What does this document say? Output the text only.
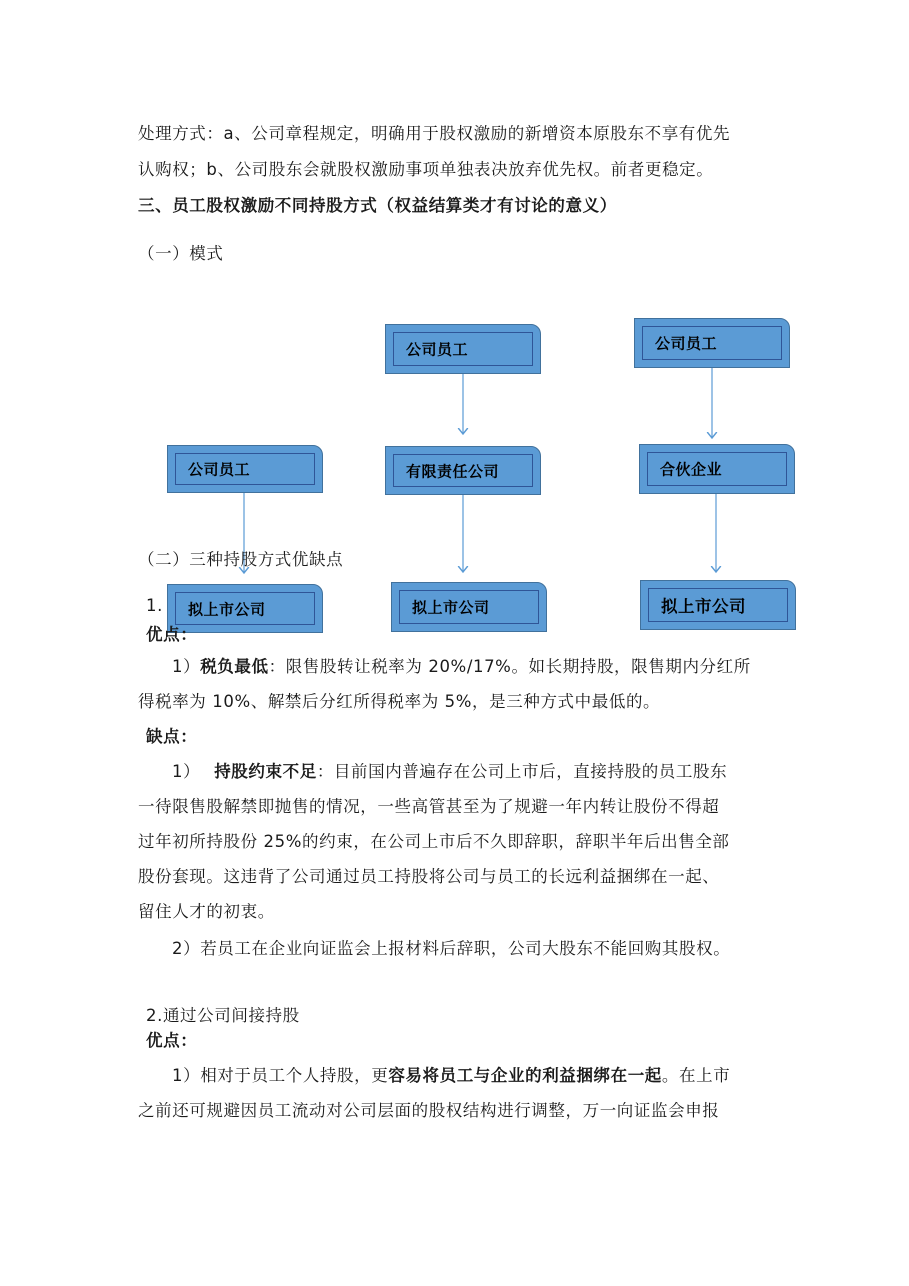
处理方式：a、公司章程规定，明确用于股权激励的新增资本原股东不享有优先
认购权；b、公司股东会就股权激励事项单独表决放弃优先权。前者更稳定。
三、员工股权激励不同持股方式（权益结算类才有讨论的意义）
（一）模式
公司员工	公司员工
公司员工	有限责任公司	合伙企业
（二）三种持股方式优缺点
拟上市公司	拟上市公司	拟上市公司
1.
优点：
1）税负最低：限售股转让税率为 20%/17%。如长期持股，限售期内分红所
得税率为 10%、解禁后分红所得税率为 5%，是三种方式中最低的。
缺点：
1） 持股约束不足：目前国内普遍存在公司上市后，直接持股的员工股东
一待限售股解禁即抛售的情况，一些高管甚至为了规避一年内转让股份不得超
过年初所持股份 25%的约束，在公司上市后不久即辞职，辞职半年后出售全部
股份套现。这违背了公司通过员工持股将公司与员工的长远利益捆绑在一起、
留住人才的初衷。
2）若员工在企业向证监会上报材料后辞职，公司大股东不能回购其股权。
2.通过公司间接持股
优点：
1）相对于员工个人持股，更容易将员工与企业的利益捆绑在一起。在上市
之前还可规避因员工流动对公司层面的股权结构进行调整，万一向证监会申报
